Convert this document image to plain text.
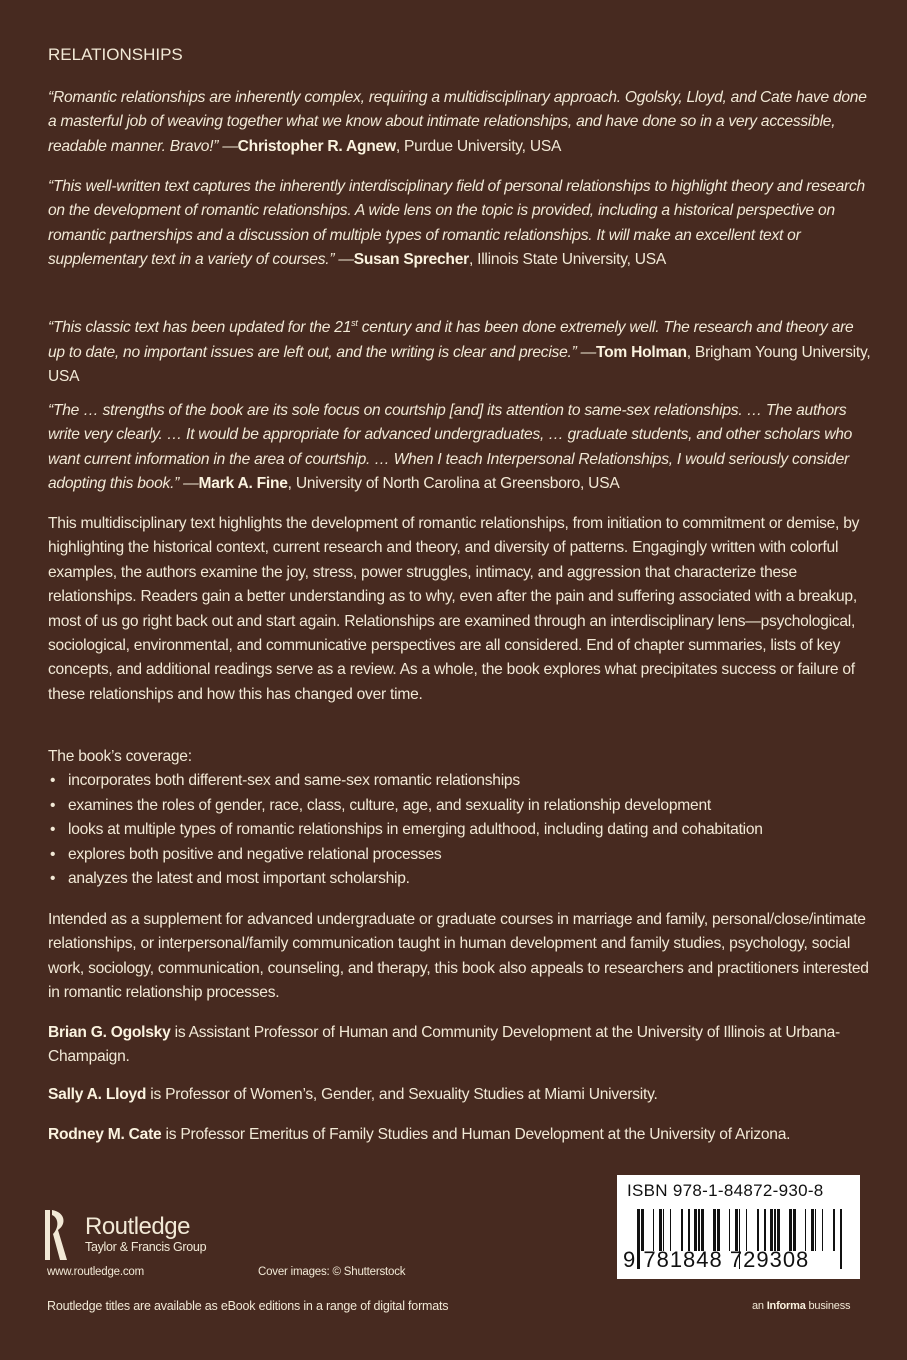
RELATIONSHIPS
“Romantic relationships are inherently complex, requiring a multidisciplinary approach. Ogolsky, Lloyd, and Cate have done a masterful job of weaving together what we know about intimate relationships, and have done so in a very accessible, readable manner. Bravo!” —Christopher R. Agnew, Purdue University, USA
“This well-written text captures the inherently interdisciplinary field of personal relationships to highlight theory and research on the development of romantic relationships. A wide lens on the topic is provided, including a historical perspective on romantic partnerships and a discussion of multiple types of romantic relationships. It will make an excellent text or supplementary text in a variety of courses.” —Susan Sprecher, Illinois State University, USA
“This classic text has been updated for the 21st century and it has been done extremely well. The research and theory are up to date, no important issues are left out, and the writing is clear and precise.” —Tom Holman, Brigham Young University, USA
“The … strengths of the book are its sole focus on courtship [and] its attention to same-sex relationships. … The authors write very clearly. … It would be appropriate for advanced undergraduates, … graduate students, and other scholars who want current information in the area of courtship. … When I teach Interpersonal Relationships, I would seriously consider adopting this book.” —Mark A. Fine, University of North Carolina at Greensboro, USA
This multidisciplinary text highlights the development of romantic relationships, from initiation to commitment or demise, by highlighting the historical context, current research and theory, and diversity of patterns. Engagingly written with colorful examples, the authors examine the joy, stress, power struggles, intimacy, and aggression that characterize these relationships. Readers gain a better understanding as to why, even after the pain and suffering associated with a breakup, most of us go right back out and start again. Relationships are examined through an interdisciplinary lens—psychological, sociological, environmental, and communicative perspectives are all considered. End of chapter summaries, lists of key concepts, and additional readings serve as a review. As a whole, the book explores what precipitates success or failure of these relationships and how this has changed over time.
The book’s coverage:
• incorporates both different-sex and same-sex romantic relationships
• examines the roles of gender, race, class, culture, age, and sexuality in relationship development
• looks at multiple types of romantic relationships in emerging adulthood, including dating and cohabitation
• explores both positive and negative relational processes
• analyzes the latest and most important scholarship.
Intended as a supplement for advanced undergraduate or graduate courses in marriage and family, personal/close/intimate relationships, or interpersonal/family communication taught in human development and family studies, psychology, social work, sociology, communication, counseling, and therapy, this book also appeals to researchers and practitioners interested in romantic relationship processes.
Brian G. Ogolsky is Assistant Professor of Human and Community Development at the University of Illinois at Urbana-Champaign.
Sally A. Lloyd is Professor of Women’s, Gender, and Sexuality Studies at Miami University.
Rodney M. Cate is Professor Emeritus of Family Studies and Human Development at the University of Arizona.
Routledge
Taylor & Francis Group
www.routledge.com	Cover images: © Shutterstock
Routledge titles are available as eBook editions in a range of digital formats	an Informa business
ISBN 978-1-84872-930-8
9 781848 729308
